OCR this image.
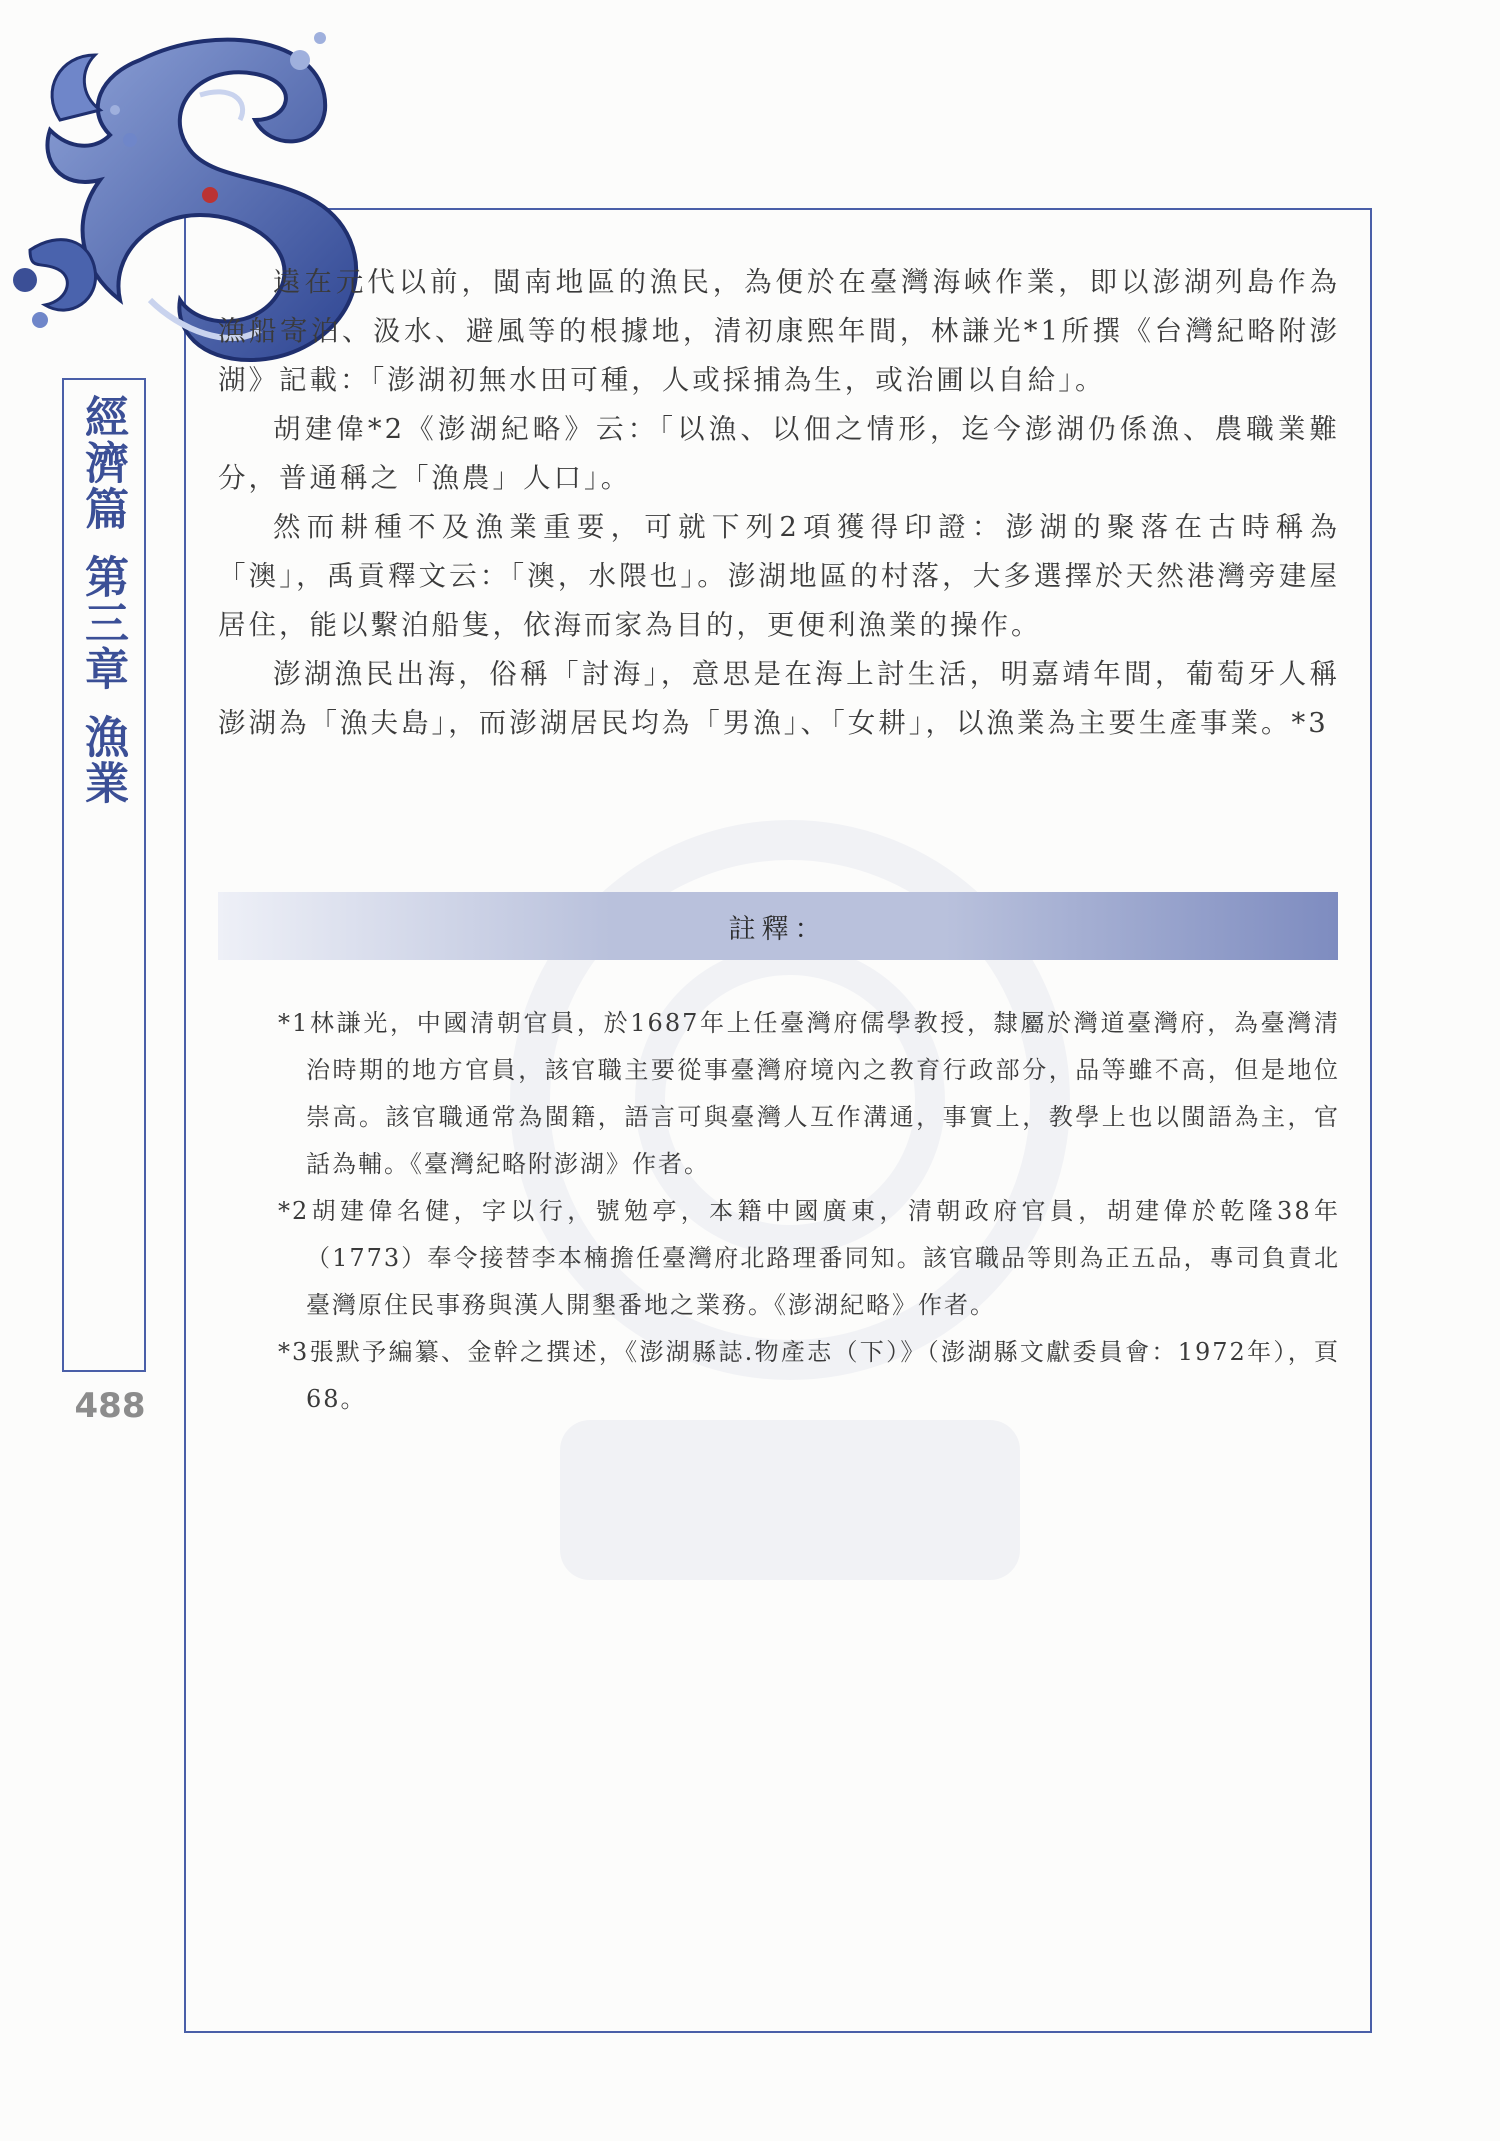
經濟篇
第三章
漁業
488

遠在元代以前，閩南地區的漁民，為便於在臺灣海峽作業，即以澎湖列島作為漁船寄泊、汲水、避風等的根據地，清初康熙年間，林謙光*1所撰《台灣紀略附澎湖》記載：「澎湖初無水田可種，人或採捕為生，或治圃以自給」。

胡建偉*2《澎湖紀略》云：「以漁、以佃之情形，迄今澎湖仍係漁、農職業難分，普通稱之「漁農」人口」。

然而耕種不及漁業重要，可就下列2項獲得印證：澎湖的聚落在古時稱為「澳」，禹貢釋文云：「澳，水隈也」。澎湖地區的村落，大多選擇於天然港灣旁建屋居住，能以繫泊船隻，依海而家為目的，更便利漁業的操作。

澎湖漁民出海，俗稱「討海」，意思是在海上討生活，明嘉靖年間，葡萄牙人稱澎湖為「漁夫島」，而澎湖居民均為「男漁」、「女耕」，以漁業為主要生產事業。*3

註釋：

*1林謙光，中國清朝官員，於1687年上任臺灣府儒學教授，隸屬於灣道臺灣府，為臺灣清治時期的地方官員，該官職主要從事臺灣府境內之教育行政部分，品等雖不高，但是地位崇高。該官職通常為閩籍，語言可與臺灣人互作溝通，事實上，教學上也以閩語為主，官話為輔。《臺灣紀略附澎湖》作者。

*2胡建偉名健，字以行，號勉亭，本籍中國廣東，清朝政府官員，胡建偉於乾隆38年（1773）奉令接替李本楠擔任臺灣府北路理番同知。該官職品等則為正五品，專司負責北臺灣原住民事務與漢人開墾番地之業務。《澎湖紀略》作者。

*3張默予編纂、金幹之撰述，《澎湖縣誌.物產志（下）》（澎湖縣文獻委員會：1972年），頁68。
